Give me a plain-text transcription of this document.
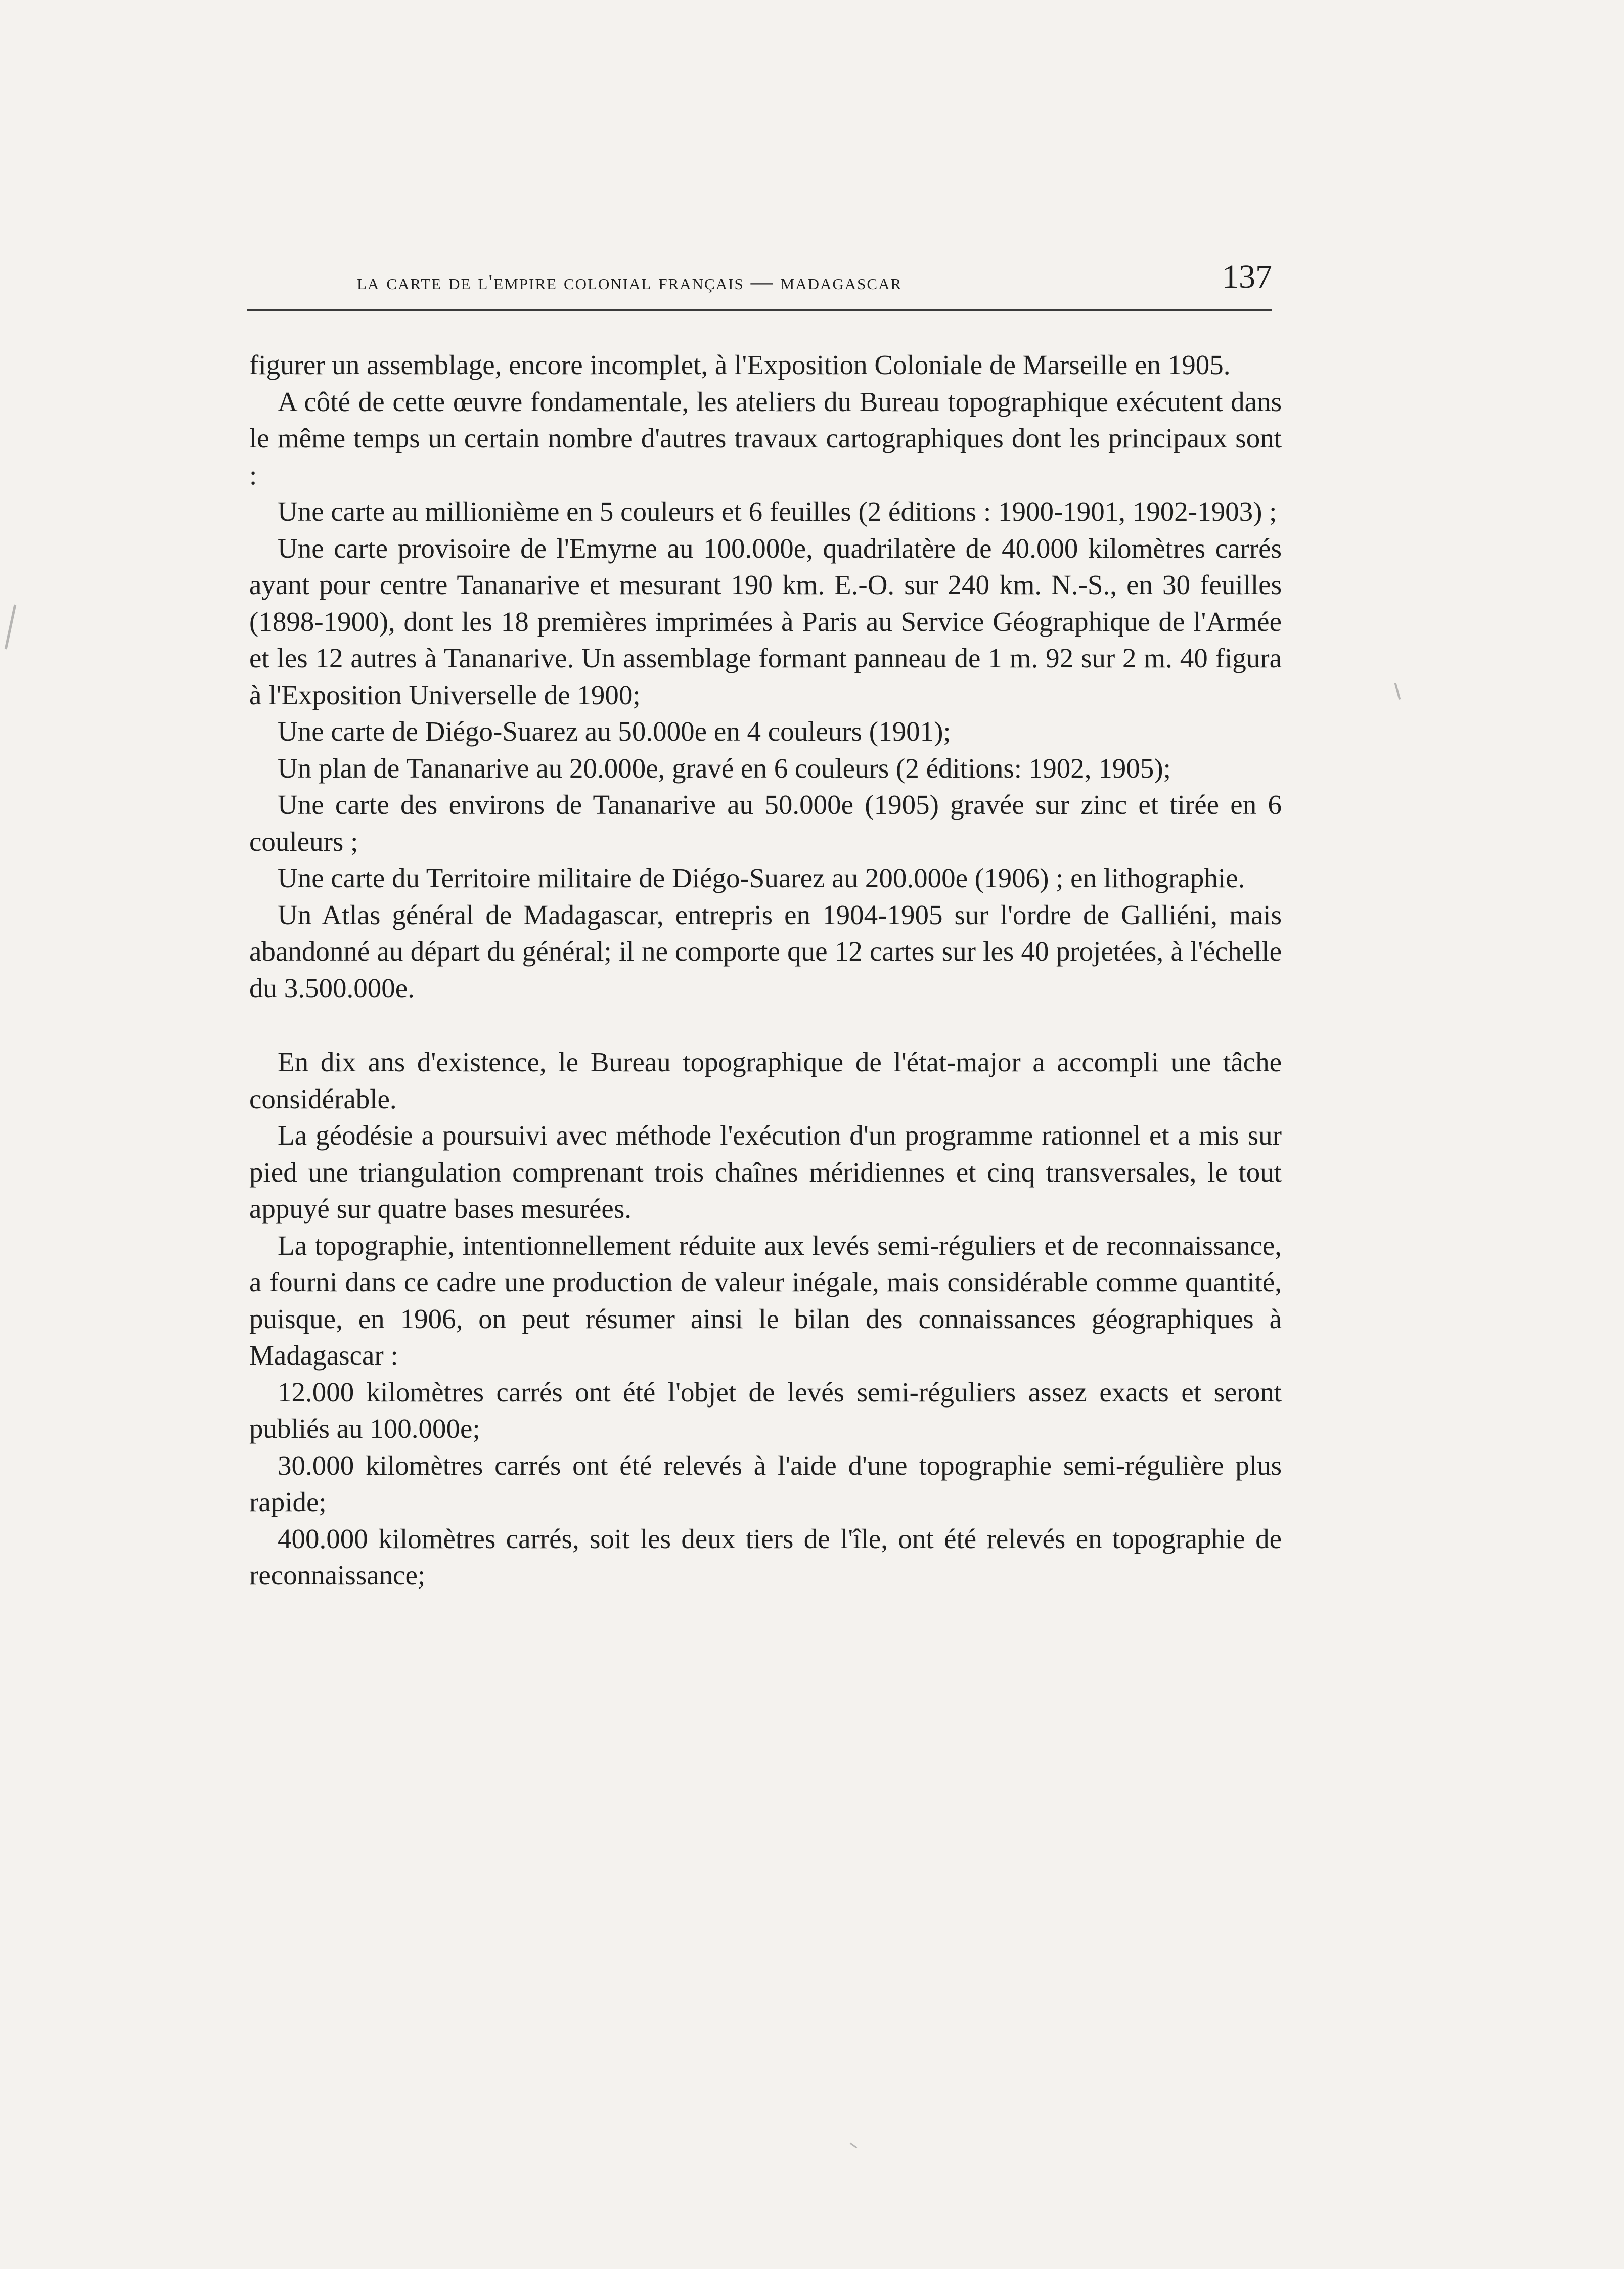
la carte de l'empire colonial français — madagascar	137

figurer un assemblage, encore incomplet, à l'Exposition Coloniale de Marseille en 1905.

A côté de cette œuvre fondamentale, les ateliers du Bureau topographique exécutent dans le même temps un certain nombre d'autres travaux cartographiques dont les principaux sont :

Une carte au millionième en 5 couleurs et 6 feuilles (2 éditions : 1900-1901, 1902-1903) ;

Une carte provisoire de l'Emyrne au 100.000e, quadrilatère de 40.000 kilomètres carrés ayant pour centre Tananarive et mesurant 190 km. E.-O. sur 240 km. N.-S., en 30 feuilles (1898-1900), dont les 18 premières imprimées à Paris au Service Géographique de l'Armée et les 12 autres à Tananarive. Un assemblage formant panneau de 1 m. 92 sur 2 m. 40 figura à l'Exposition Universelle de 1900;

Une carte de Diégo-Suarez au 50.000e en 4 couleurs (1901);

Un plan de Tananarive au 20.000e, gravé en 6 couleurs (2 éditions: 1902, 1905);

Une carte des environs de Tananarive au 50.000e (1905) gravée sur zinc et tirée en 6 couleurs ;

Une carte du Territoire militaire de Diégo-Suarez au 200.000e (1906) ; en lithographie.

Un Atlas général de Madagascar, entrepris en 1904-1905 sur l'ordre de Galliéni, mais abandonné au départ du général; il ne comporte que 12 cartes sur les 40 projetées, à l'échelle du 3.500.000e.

En dix ans d'existence, le Bureau topographique de l'état-major a accompli une tâche considérable.

La géodésie a poursuivi avec méthode l'exécution d'un programme rationnel et a mis sur pied une triangulation comprenant trois chaînes méridiennes et cinq transversales, le tout appuyé sur quatre bases mesurées.

La topographie, intentionnellement réduite aux levés semi-réguliers et de reconnaissance, a fourni dans ce cadre une production de valeur inégale, mais considérable comme quantité, puisque, en 1906, on peut résumer ainsi le bilan des connaissances géographiques à Madagascar :

12.000 kilomètres carrés ont été l'objet de levés semi-réguliers assez exacts et seront publiés au 100.000e;

30.000 kilomètres carrés ont été relevés à l'aide d'une topographie semi-régulière plus rapide;

400.000 kilomètres carrés, soit les deux tiers de l'île, ont été relevés en topographie de reconnaissance;
